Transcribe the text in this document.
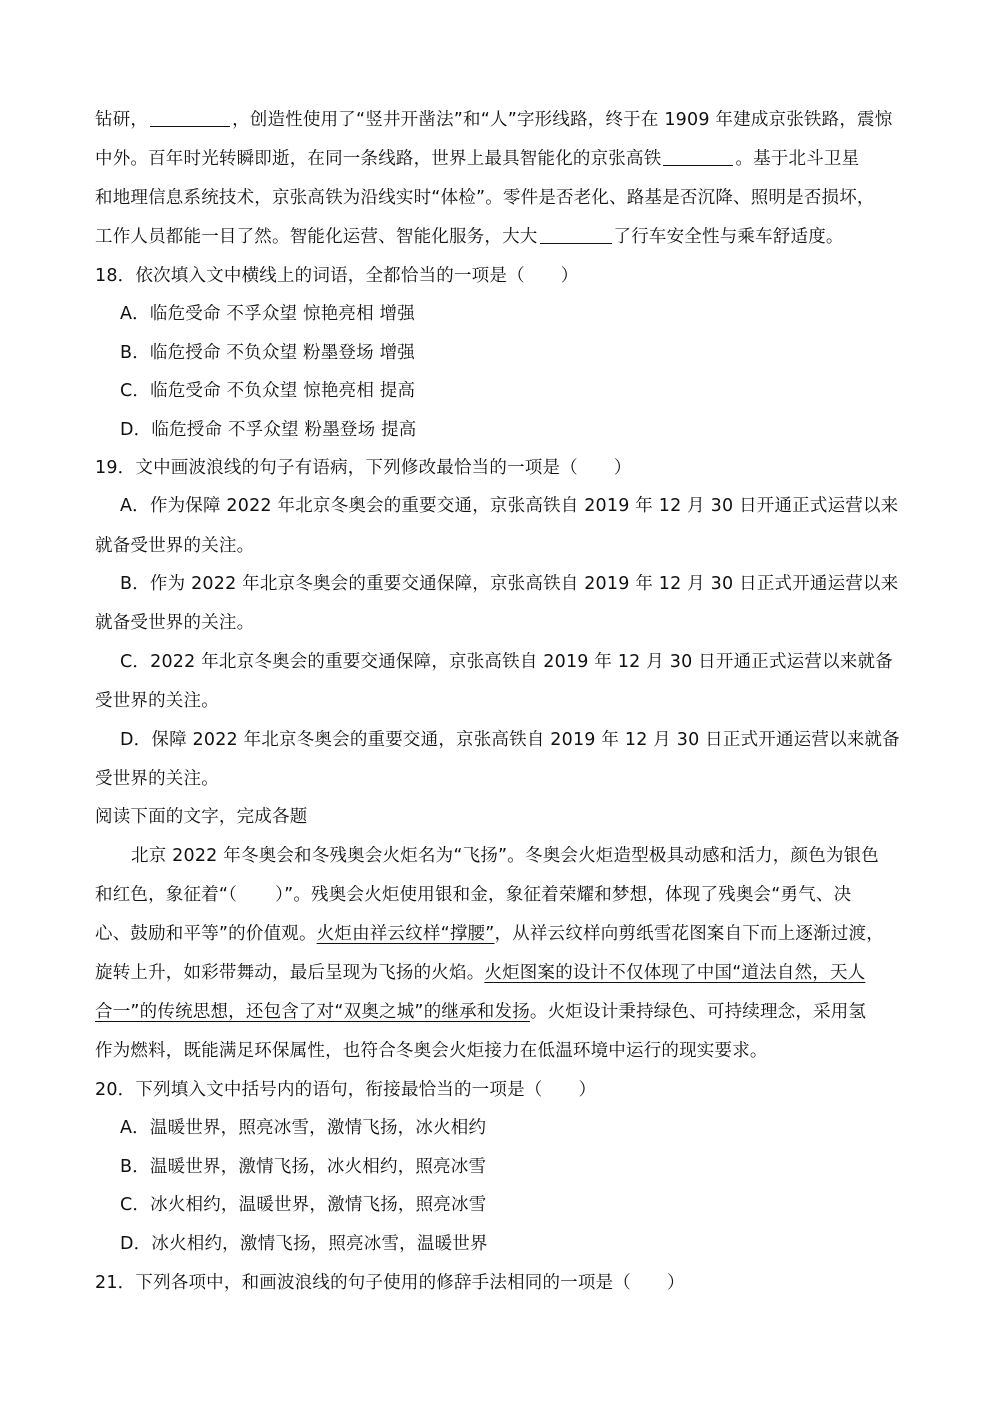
钻研，	，创造性使用了“竖井开凿法”和“人”字形线路，终于在 1909 年建成京张铁路，震惊
中外。百年时光转瞬即逝，在同一条线路，世界上最具智能化的京张高铁	。基于北斗卫星
和地理信息系统技术，京张高铁为沿线实时“体检”。零件是否老化、路基是否沉降、照明是否损坏，
工作人员都能一目了然。智能化运营、智能化服务，大大	了行车安全性与乘车舒适度。
18．依次填入文中横线上的词语，全都恰当的一项是（ ）
A．临危受命 不孚众望 惊艳亮相 增强
B．临危授命 不负众望 粉墨登场 增强
C．临危受命 不负众望 惊艳亮相 提高
D．临危授命 不孚众望 粉墨登场 提高
19．文中画波浪线的句子有语病，下列修改最恰当的一项是（ ）
A．作为保障 2022 年北京冬奥会的重要交通，京张高铁自 2019 年 12 月 30 日开通正式运营以来
就备受世界的关注。
B．作为 2022 年北京冬奥会的重要交通保障，京张高铁自 2019 年 12 月 30 日正式开通运营以来
就备受世界的关注。
C．2022 年北京冬奥会的重要交通保障，京张高铁自 2019 年 12 月 30 日开通正式运营以来就备
受世界的关注。
D．保障 2022 年北京冬奥会的重要交通，京张高铁自 2019 年 12 月 30 日正式开通运营以来就备
受世界的关注。
阅读下面的文字，完成各题
北京 2022 年冬奥会和冬残奥会火炬名为“飞扬”。冬奥会火炬造型极具动感和活力，颜色为银色
和红色，象征着“（ ）”。残奥会火炬使用银和金，象征着荣耀和梦想，体现了残奥会“勇气、决
心、鼓励和平等”的价值观。火炬由祥云纹样“撑腰”，从祥云纹样向剪纸雪花图案自下而上逐渐过渡，
旋转上升，如彩带舞动，最后呈现为飞扬的火焰。火炬图案的设计不仅体现了中国“道法自然，天人
合一”的传统思想，还包含了对“双奥之城”的继承和发扬。火炬设计秉持绿色、可持续理念，采用氢
作为燃料，既能满足环保属性，也符合冬奥会火炬接力在低温环境中运行的现实要求。
20．下列填入文中括号内的语句，衔接最恰当的一项是（ ）
A．温暖世界，照亮冰雪，激情飞扬，冰火相约
B．温暖世界，激情飞扬，冰火相约，照亮冰雪
C．冰火相约，温暖世界，激情飞扬，照亮冰雪
D．冰火相约，激情飞扬，照亮冰雪，温暖世界
21．下列各项中，和画波浪线的句子使用的修辞手法相同的一项是（ ）
